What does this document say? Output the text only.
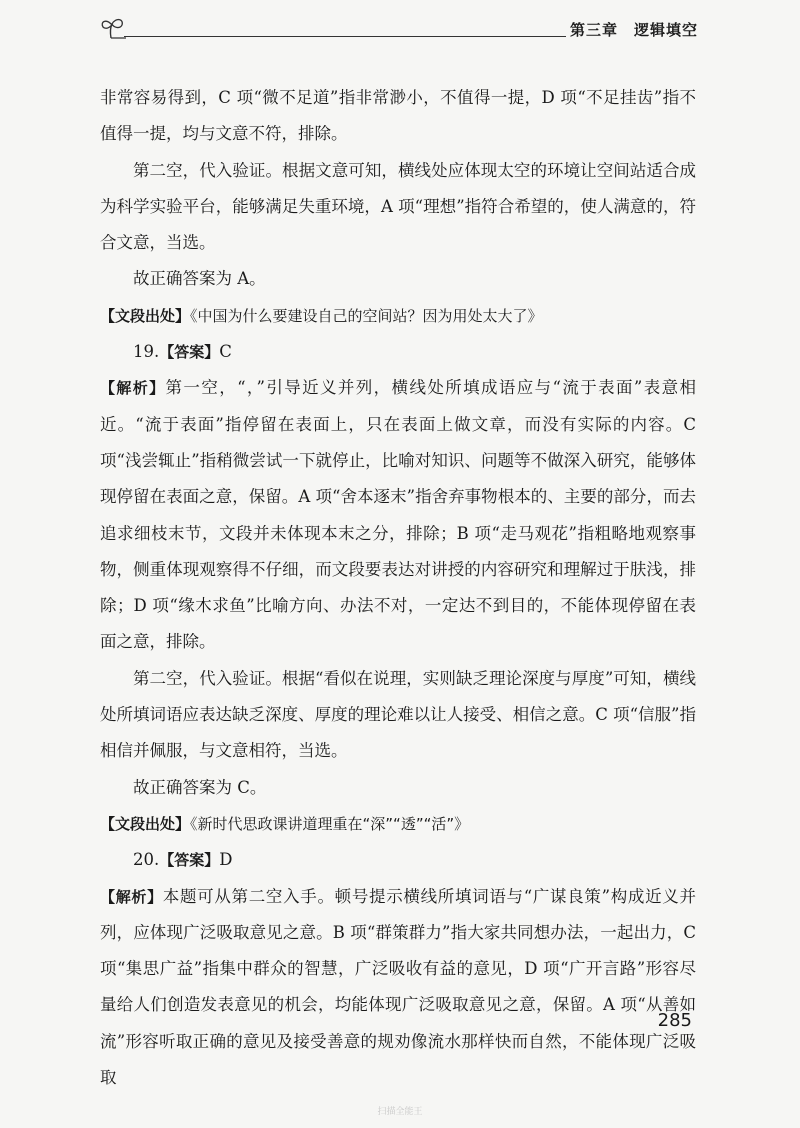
第三章 逻辑填空

非常容易得到，C 项“微不足道”指非常渺小，不值得一提，D 项“不足挂齿”指不值得一提，均与文意不符，排除。

第二空，代入验证。根据文意可知，横线处应体现太空的环境让空间站适合成为科学实验平台，能够满足失重环境，A 项“理想”指符合希望的，使人满意的，符合文意，当选。

故正确答案为 A。

【文段出处】《中国为什么要建设自己的空间站？因为用处太大了》

19.【答案】C

【解析】第一空，“，”引导近义并列，横线处所填成语应与“流于表面”表意相近。“流于表面”指停留在表面上，只在表面上做文章，而没有实际的内容。C 项“浅尝辄止”指稍微尝试一下就停止，比喻对知识、问题等不做深入研究，能够体现停留在表面之意，保留。A 项“舍本逐末”指舍弃事物根本的、主要的部分，而去追求细枝末节，文段并未体现本末之分，排除；B 项“走马观花”指粗略地观察事物，侧重体现观察得不仔细，而文段要表达对讲授的内容研究和理解过于肤浅，排除；D 项“缘木求鱼”比喻方向、办法不对，一定达不到目的，不能体现停留在表面之意，排除。

第二空，代入验证。根据“看似在说理，实则缺乏理论深度与厚度”可知，横线处所填词语应表达缺乏深度、厚度的理论难以让人接受、相信之意。C 项“信服”指相信并佩服，与文意相符，当选。

故正确答案为 C。

【文段出处】《新时代思政课讲道理重在“深”“透”“活”》

20.【答案】D

【解析】本题可从第二空入手。顿号提示横线所填词语与“广谋良策”构成近义并列，应体现广泛吸取意见之意。B 项“群策群力”指大家共同想办法，一起出力，C 项“集思广益”指集中群众的智慧，广泛吸收有益的意见，D 项“广开言路”形容尽量给人们创造发表意见的机会，均能体现广泛吸取意见之意，保留。A 项“从善如流”形容听取正确的意见及接受善意的规劝像流水那样快而自然，不能体现广泛吸取

285
扫描全能王
